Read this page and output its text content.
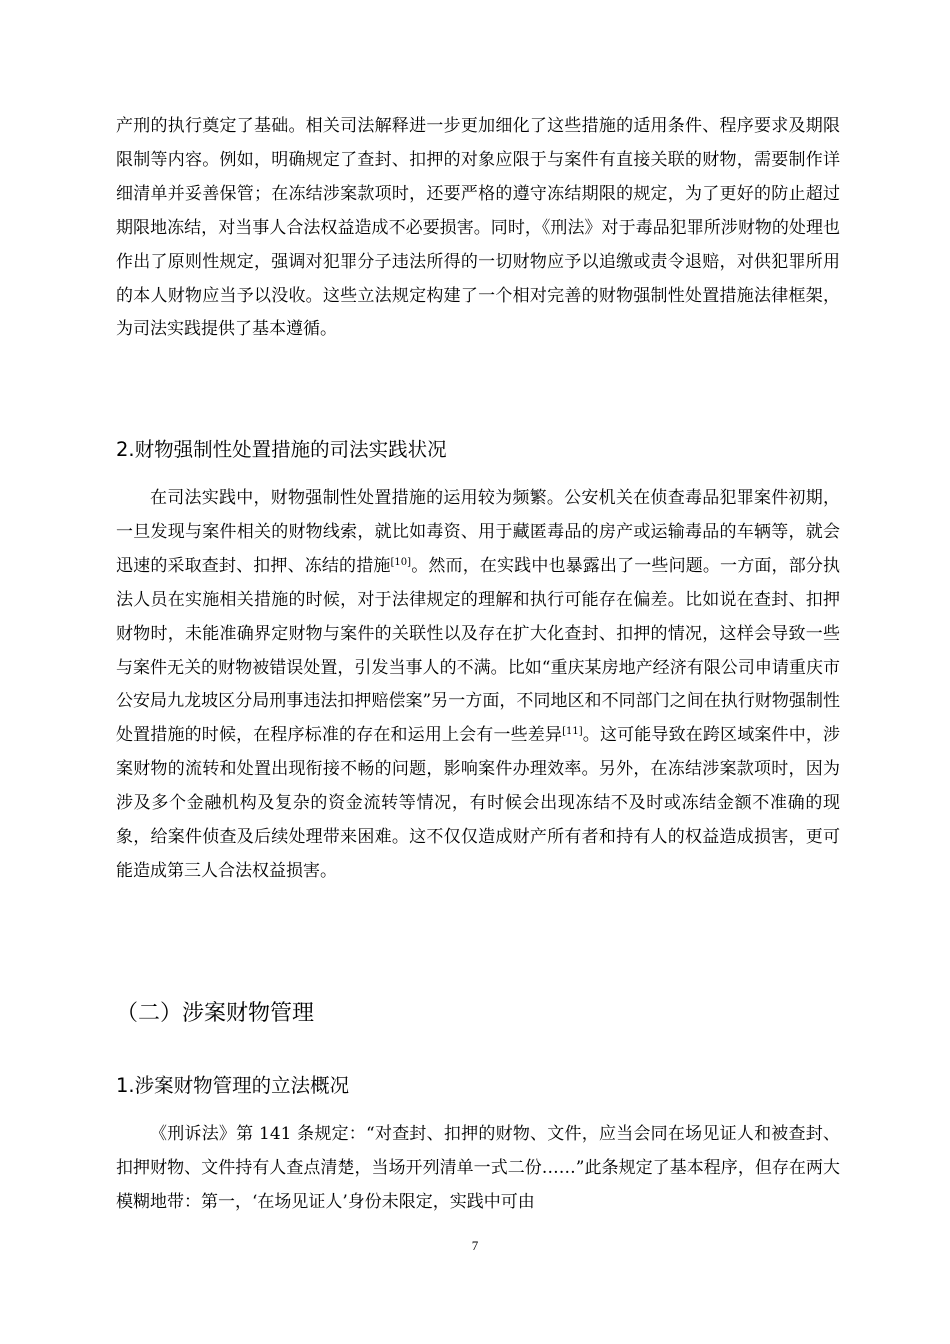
产刑的执行奠定了基础。相关司法解释进一步更加细化了这些措施的适用条件、程序要求及期限限制等内容。例如，明确规定了查封、扣押的对象应限于与案件有直接关联的财物，需要制作详细清单并妥善保管；在冻结涉案款项时，还要严格的遵守冻结期限的规定，为了更好的防止超过期限地冻结，对当事人合法权益造成不必要损害。同时，《刑法》对于毒品犯罪所涉财物的处理也作出了原则性规定，强调对犯罪分子违法所得的一切财物应予以追缴或责令退赔，对供犯罪所用的本人财物应当予以没收。这些立法规定构建了一个相对完善的财物强制性处置措施法律框架，为司法实践提供了基本遵循。

2.财物强制性处置措施的司法实践状况

在司法实践中，财物强制性处置措施的运用较为频繁。公安机关在侦查毒品犯罪案件初期，一旦发现与案件相关的财物线索，就比如毒资、用于藏匿毒品的房产或运输毒品的车辆等，就会迅速的采取查封、扣押、冻结的措施[10]。然而，在实践中也暴露出了一些问题。一方面，部分执法人员在实施相关措施的时候，对于法律规定的理解和执行可能存在偏差。比如说在查封、扣押财物时，未能准确界定财物与案件的关联性以及存在扩大化查封、扣押的情况，这样会导致一些与案件无关的财物被错误处置，引发当事人的不满。比如“重庆某房地产经济有限公司申请重庆市公安局九龙坡区分局刑事违法扣押赔偿案”另一方面，不同地区和不同部门之间在执行财物强制性处置措施的时候，在程序标准的存在和运用上会有一些差异[11]。这可能导致在跨区域案件中，涉案财物的流转和处置出现衔接不畅的问题，影响案件办理效率。另外，在冻结涉案款项时，因为涉及多个金融机构及复杂的资金流转等情况，有时候会出现冻结不及时或冻结金额不准确的现象，给案件侦查及后续处理带来困难。这不仅仅造成财产所有者和持有人的权益造成损害，更可能造成第三人合法权益损害。

（二）涉案财物管理
1.涉案财物管理的立法概况

《刑诉法》第 141 条规定：“对查封、扣押的财物、文件，应当会同在场见证人和被查封、扣押财物、文件持有人查点清楚，当场开列清单一式二份……”此条规定了基本程序，但存在两大模糊地带：第一，‘在场见证人’身份未限定，实践中可由

7
